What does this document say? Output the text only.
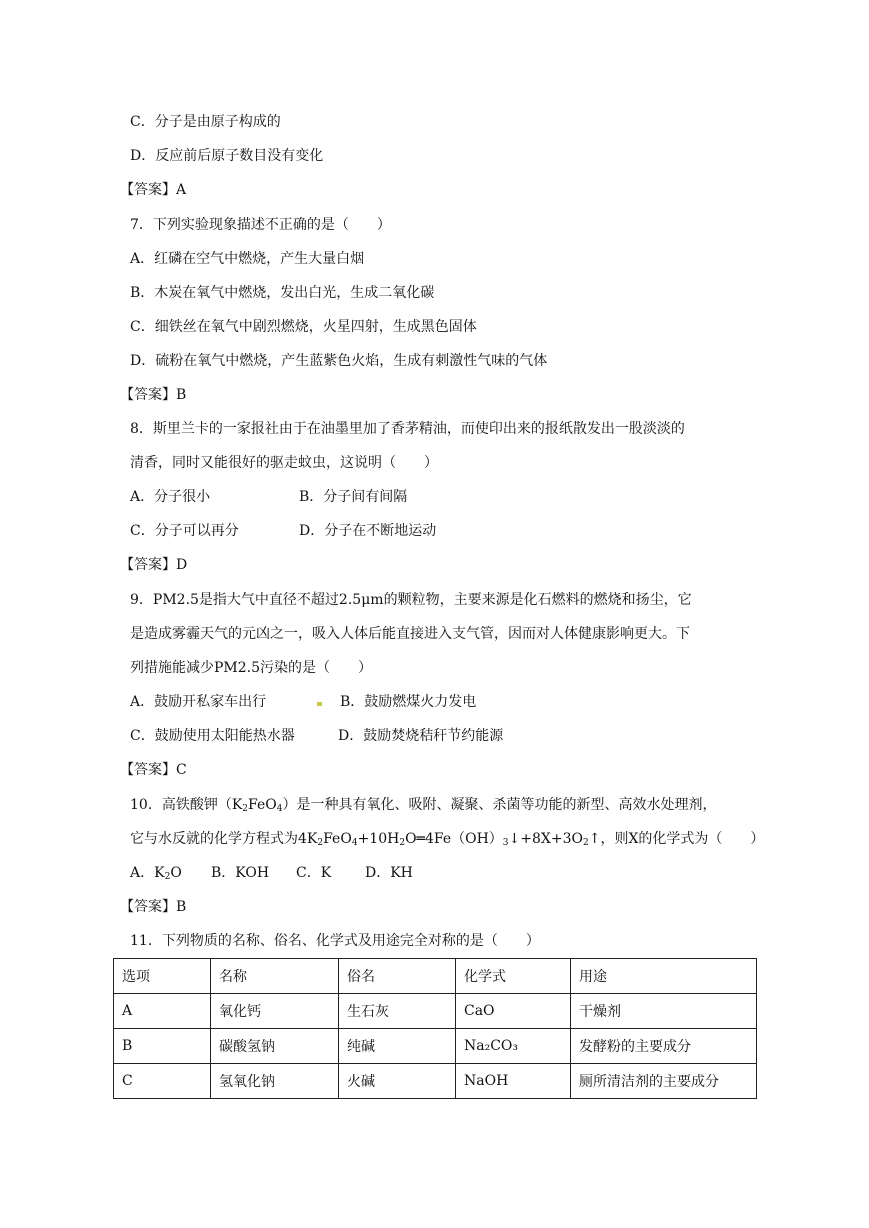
C．分子是由原子构成的
D．反应前后原子数目没有变化
【答案】A
7．下列实验现象描述不正确的是（　　）
A．红磷在空气中燃烧，产生大量白烟
B．木炭在氧气中燃烧，发出白光，生成二氧化碳
C．细铁丝在氧气中剧烈燃烧，火星四射，生成黑色固体
D．硫粉在氧气中燃烧，产生蓝紫色火焰，生成有刺激性气味的气体
【答案】B
8．斯里兰卡的一家报社由于在油墨里加了香茅精油，而使印出来的报纸散发出一股淡淡的
清香，同时又能很好的驱走蚊虫，这说明（　　）
A．分子很小	B．分子间有间隔
C．分子可以再分	D．分子在不断地运动
【答案】D
9．PM2.5是指大气中直径不超过2.5μm的颗粒物，主要来源是化石燃料的燃烧和扬尘，它
是造成雾霾天气的元凶之一，吸入人体后能直接进入支气管，因而对人体健康影响更大。下
列措施能减少PM2.5污染的是（　　）
A．鼓励开私家车出行	B．鼓励燃煤火力发电
C．鼓励使用太阳能热水器	D．鼓励焚烧秸秆节约能源
【答案】C
10．高铁酸钾$(K_2FeO_4)$是一种具有氧化、吸附、凝聚、杀菌等功能的新型、高效水处理剂，
它与水反就的化学方程式为$4K_2FeO_4+10H_2O═4Fe(OH)_3↓+8X+3O_2↑$，则X的化学式为（　　）
A．$K_2O$ B．KOH C．K D．KH
【答案】B
11．下列物质的名称、俗名、化学式及用途完全对称的是（　　）
选项	名称	俗名	化学式	用途
A	氧化钙	生石灰	CaO	干燥剂
B	碳酸氢钠	纯碱	Na₂CO₃	发酵粉的主要成分
C	氢氧化钠	火碱	NaOH	厕所清洁剂的主要成分
